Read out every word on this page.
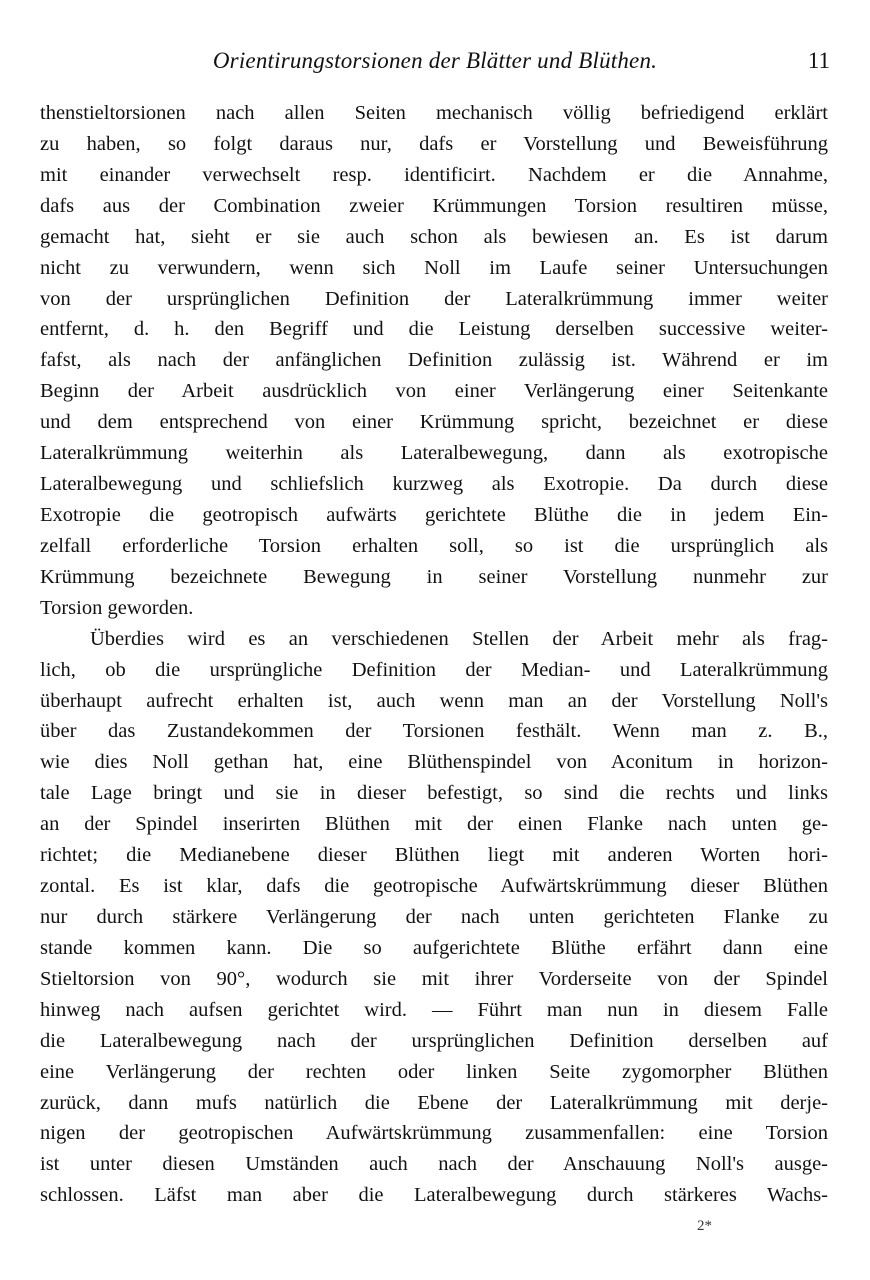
Orientirungstorsionen der Blätter und Blüthen.	11
thenstieltorsionen nach allen Seiten mechanisch völlig befriedigend erklärt
zu haben, so folgt daraus nur, dafs er Vorstellung und Beweisführung
mit einander verwechselt resp. identificirt. Nachdem er die Annahme,
dafs aus der Combination zweier Krümmungen Torsion resultiren müsse,
gemacht hat, sieht er sie auch schon als bewiesen an. Es ist darum
nicht zu verwundern, wenn sich Noll im Laufe seiner Untersuchungen
von der ursprünglichen Definition der Lateralkrümmung immer weiter
entfernt, d. h. den Begriff und die Leistung derselben successive weiter-
fafst, als nach der anfänglichen Definition zulässig ist. Während er im
Beginn der Arbeit ausdrücklich von einer Verlängerung einer Seitenkante
und dem entsprechend von einer Krümmung spricht, bezeichnet er diese
Lateralkrümmung weiterhin als Lateralbewegung, dann als exotropische
Lateralbewegung und schliefslich kurzweg als Exotropie. Da durch diese
Exotropie die geotropisch aufwärts gerichtete Blüthe die in jedem Ein-
zelfall erforderliche Torsion erhalten soll, so ist die ursprünglich als
Krümmung bezeichnete Bewegung in seiner Vorstellung nunmehr zur
Torsion geworden.
Überdies wird es an verschiedenen Stellen der Arbeit mehr als frag-
lich, ob die ursprüngliche Definition der Median- und Lateralkrümmung
überhaupt aufrecht erhalten ist, auch wenn man an der Vorstellung Noll's
über das Zustandekommen der Torsionen festhält. Wenn man z. B.,
wie dies Noll gethan hat, eine Blüthenspindel von Aconitum in horizon-
tale Lage bringt und sie in dieser befestigt, so sind die rechts und links
an der Spindel inserirten Blüthen mit der einen Flanke nach unten ge-
richtet; die Medianebene dieser Blüthen liegt mit anderen Worten hori-
zontal. Es ist klar, dafs die geotropische Aufwärtskrümmung dieser Blüthen
nur durch stärkere Verlängerung der nach unten gerichteten Flanke zu
stande kommen kann. Die so aufgerichtete Blüthe erfährt dann eine
Stieltorsion von 90°, wodurch sie mit ihrer Vorderseite von der Spindel
hinweg nach aufsen gerichtet wird. — Führt man nun in diesem Falle
die Lateralbewegung nach der ursprünglichen Definition derselben auf
eine Verlängerung der rechten oder linken Seite zygomorpher Blüthen
zurück, dann mufs natürlich die Ebene der Lateralkrümmung mit derje-
nigen der geotropischen Aufwärtskrümmung zusammenfallen: eine Torsion
ist unter diesen Umständen auch nach der Anschauung Noll's ausge-
schlossen. Läfst man aber die Lateralbewegung durch stärkeres Wachs-
2*
